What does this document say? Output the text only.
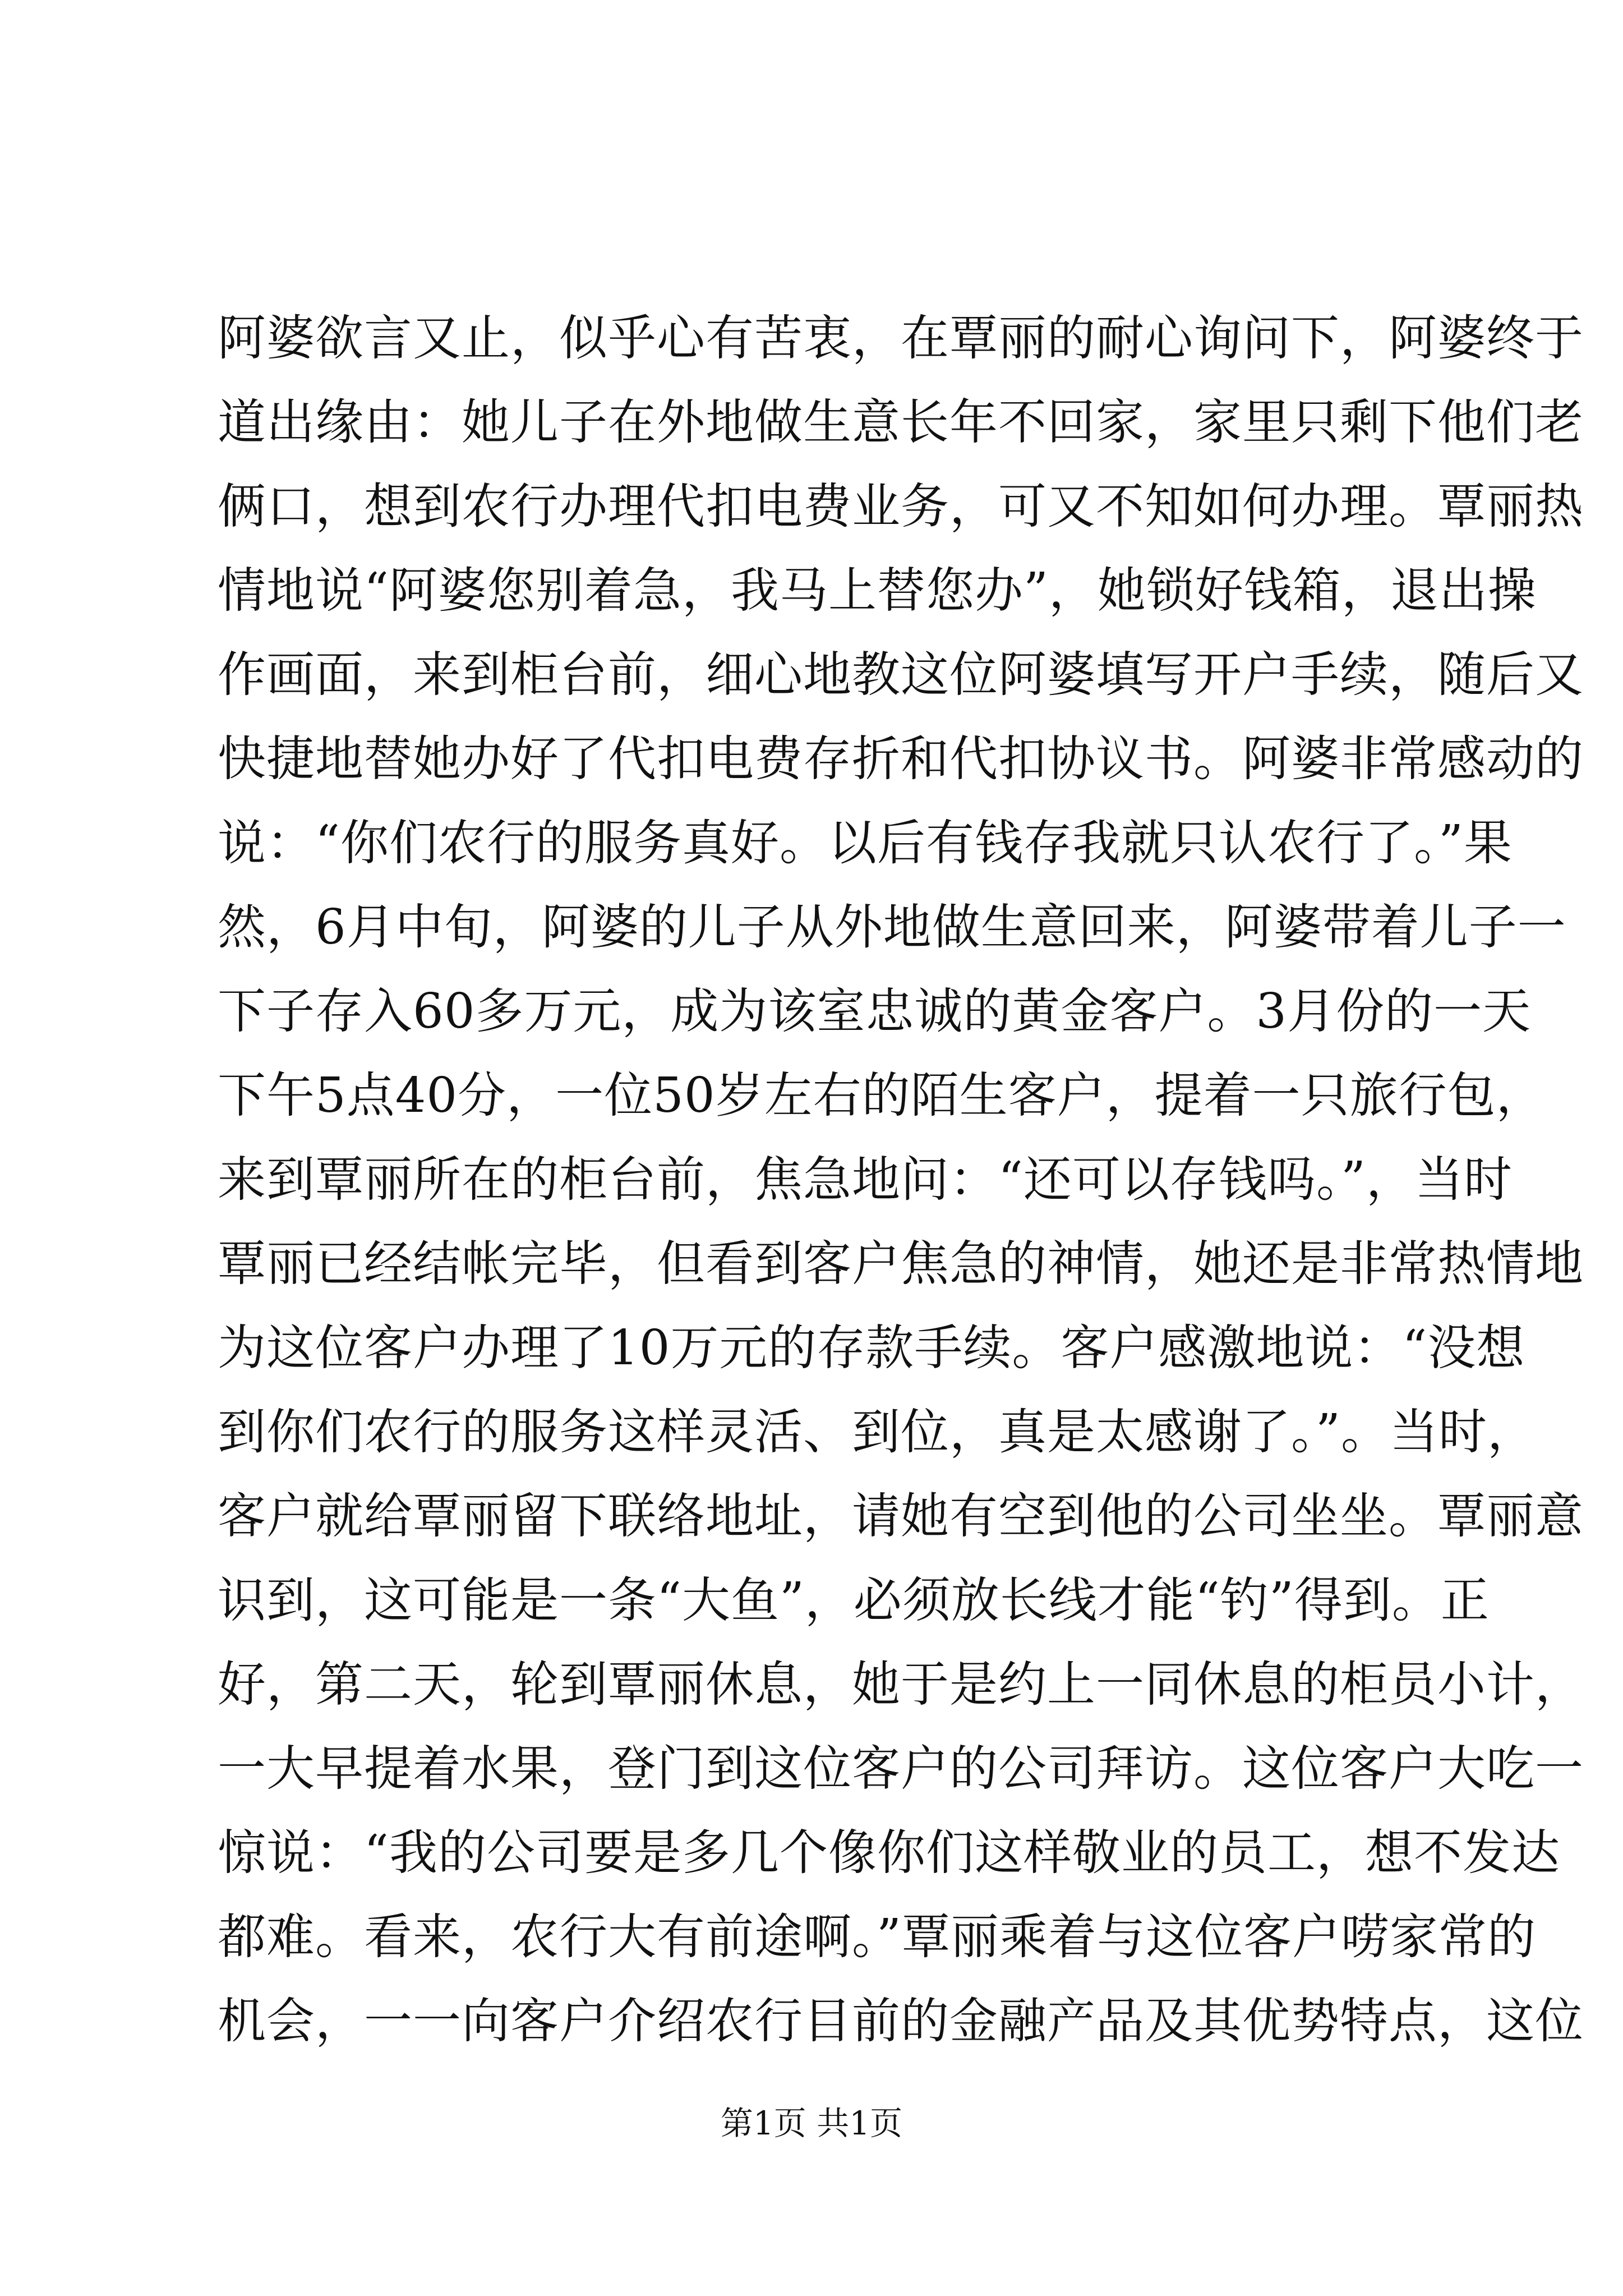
阿婆欲言又止，似乎心有苦衷，在覃丽的耐心询问下，阿婆终于
道出缘由：她儿子在外地做生意长年不回家，家里只剩下他们老
俩口，想到农行办理代扣电费业务，可又不知如何办理。覃丽热
情地说“阿婆您别着急，我马上替您办”，她锁好钱箱，退出操
作画面，来到柜台前，细心地教这位阿婆填写开户手续，随后又
快捷地替她办好了代扣电费存折和代扣协议书。阿婆非常感动的
说：“你们农行的服务真好。以后有钱存我就只认农行了。”果
然，6月中旬，阿婆的儿子从外地做生意回来，阿婆带着儿子一
下子存入60多万元，成为该室忠诚的黄金客户。3月份的一天
下午5点40分，一位50岁左右的陌生客户，提着一只旅行包，
来到覃丽所在的柜台前，焦急地问：“还可以存钱吗。”，当时
覃丽已经结帐完毕，但看到客户焦急的神情，她还是非常热情地
为这位客户办理了10万元的存款手续。客户感激地说：“没想
到你们农行的服务这样灵活、到位，真是太感谢了。”。当时，
客户就给覃丽留下联络地址，请她有空到他的公司坐坐。覃丽意
识到，这可能是一条“大鱼”，必须放长线才能“钓”得到。正
好，第二天，轮到覃丽休息，她于是约上一同休息的柜员小计，
一大早提着水果，登门到这位客户的公司拜访。这位客户大吃一
惊说：“我的公司要是多几个像你们这样敬业的员工，想不发达
都难。看来，农行大有前途啊。”覃丽乘着与这位客户唠家常的
机会，一一向客户介绍农行目前的金融产品及其优势特点，这位
第1页 共1页
